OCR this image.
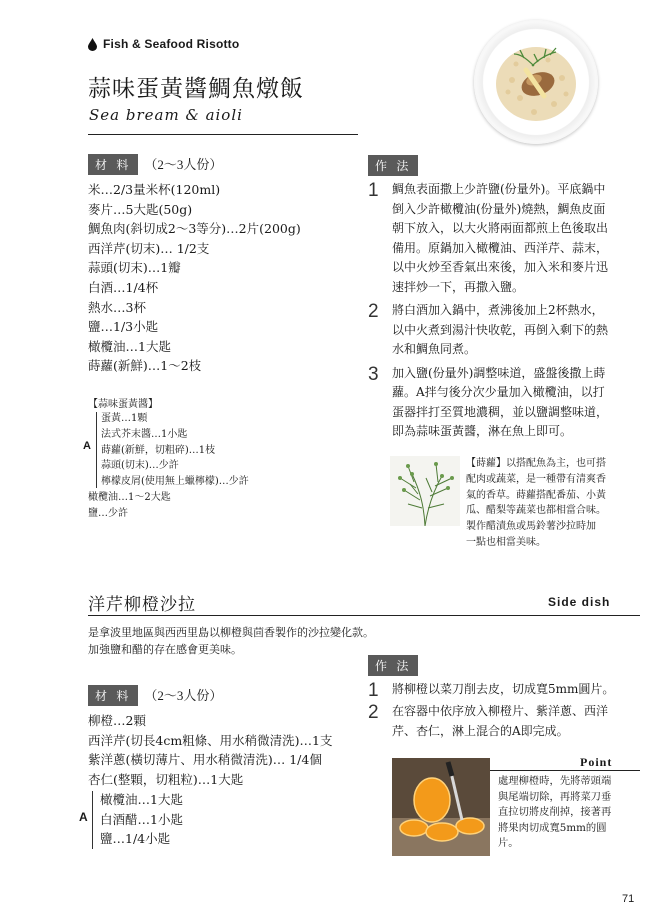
Fish & Seafood Risotto
蒜味蛋黃醬鯛魚燉飯
Sea bream & aioli
材 料 （2〜3人份）
米…2/3量米杯(120ml)
麥片…5大匙(50g)
鯛魚肉(斜切成2〜3等分)…2片(200g)
西洋芹(切末)… 1/2支
蒜頭(切末)…1瓣
白酒…1/4杯
熱水…3杯
鹽…1/3小匙
橄欖油…1大匙
蒔蘿(新鮮)…1〜2枝
【蒜味蛋黃醬】
A
蛋黃…1顆
法式芥末醬…1小匙
蒔蘿(新鮮，切粗碎)…1枝
蒜頭(切末)…少許
檸檬皮屑(使用無上蠟檸檬)…少許
橄欖油…1〜2大匙
鹽…少許
作 法
1	鯛魚表面撒上少許鹽(份量外)。平底鍋中
倒入少許橄欖油(份量外)燒熱，鯛魚皮面
朝下放入，以大火將兩面都煎上色後取出
備用。原鍋加入橄欖油、西洋芹、蒜末，
以中火炒至香氣出來後，加入米和麥片迅
速拌炒一下，再撒入鹽。
2	將白酒加入鍋中，煮沸後加上2杯熱水，
以中火煮到湯汁快收乾，再倒入剩下的熱
水和鯛魚同煮。
3	加入鹽(份量外)調整味道，盛盤後撒上蒔
蘿。A拌勻後分次少量加入橄欖油，以打
蛋器拌打至質地濃稠，並以鹽調整味道，
即為蒜味蛋黃醬，淋在魚上即可。
【蒔蘿】以搭配魚為主，也可搭
配肉或蔬菜，是一種帶有清爽香
氣的香草。蒔蘿搭配番茄、小黃
瓜、醋梨等蔬菜也都相當合味。
製作醋漬魚或馬鈴薯沙拉時加
一點也相當美味。
洋芹柳橙沙拉	Side dish
是拿波里地區與西西里島以柳橙與茴香製作的沙拉變化款。
加強鹽和醋的存在感會更美味。
材 料 （2〜3人份）
柳橙…2顆
西洋芹(切長4cm粗條、用水稍微清洗)…1支
紫洋蔥(橫切薄片、用水稍微清洗)… 1/4個
杏仁(整顆，切粗粒)…1大匙
A
橄欖油…1大匙
白酒醋…1小匙
鹽…1/4小匙
作 法
1	將柳橙以菜刀削去皮，切成寬5mm圓片。
2	在容器中依序放入柳橙片、紫洋蔥、西洋
芹、杏仁，淋上混合的A即完成。
Point
處理柳橙時，先將蒂頭端
與尾端切除，再將菜刀垂
直拉切將皮削掉，接著再
將果肉切成寬5mm的圓
片。
71
